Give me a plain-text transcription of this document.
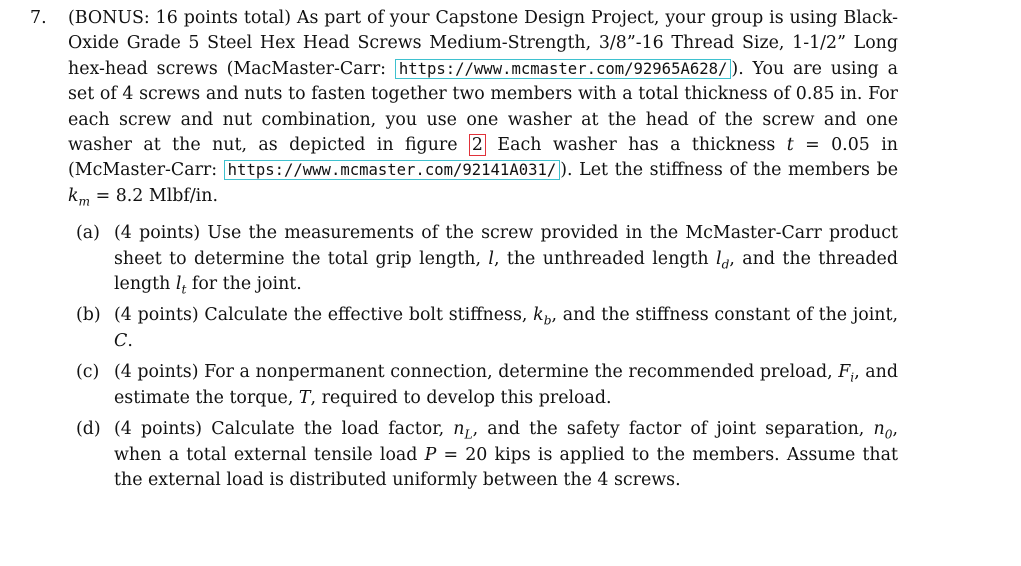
7. (BONUS: 16 points total) As part of your Capstone Design Project, your group is using Black-Oxide Grade 5 Steel Hex Head Screws Medium-Strength, 3/8”-16 Thread Size, 1-1/2” Long hex-head screws (MacMaster-Carr: https://www.mcmaster.com/92965A628/ ). You are using a set of 4 screws and nuts to fasten together two members with a total thickness of 0.85 in. For each screw and nut combination, you use one washer at the head of the screw and one washer at the nut, as depicted in figure 2 Each washer has a thickness t = 0.05 in (McMaster-Carr: https://www.mcmaster.com/92141A031/ ). Let the stiffness of the members be $k_m = 8.2$ Mlbf/in.
(a) (4 points) Use the measurements of the screw provided in the McMaster-Carr product sheet to determine the total grip length, l, the unthreaded length $l_d$, and the threaded length $l_t$ for the joint.
(b) (4 points) Calculate the effective bolt stiffness, $k_b$, and the stiffness constant of the joint, C.
(c) (4 points) For a nonpermanent connection, determine the recommended preload, $F_i$, and estimate the torque, T, required to develop this preload.
(d) (4 points) Calculate the load factor, $n_L$, and the safety factor of joint separation, $n_0$, when a total external tensile load P = 20 kips is applied to the members. Assume that the external load is distributed uniformly between the 4 screws.
